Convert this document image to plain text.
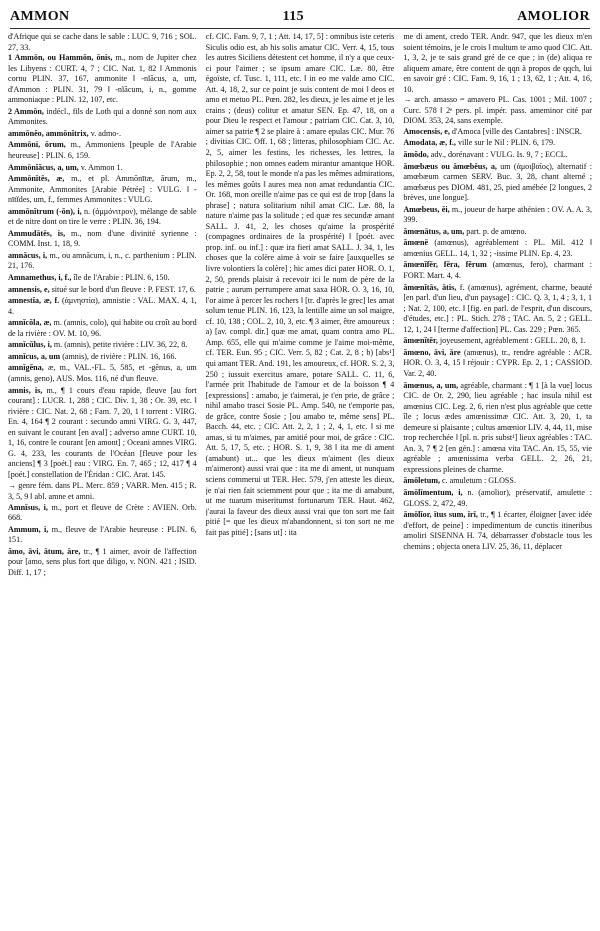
AMMON	115	AMOLIOR

d'Afrique qui se cache dans le sable : LUC. 9, 716 ; SOL. 27, 33.

1 Ammōn, ou Hammōn, ōnis, m., nom de Jupiter chez les Libyens : CURT. 4, 7 ; CIC. Nat. 1, 82 ‖ Ammonis cornu PLIN. 37, 167, ammonite ‖ -nĭăcus, a, um, d'Ammon : PLIN. 31, 79 ‖ -nĭăcum, i, n., gomme ammoniaque : PLIN. 12, 107, etc.

2 Ammōn, indécl., fils de Loth qui a donné son nom aux Ammonites.

ammōnĕo, ammōnĭtrix, v. admo-.

Ammōni, ōrum, m., Ammoniens [peuple de l'Arabie heureuse] : PLIN. 6, 159.

Ammōnĭăcus, a, um, v. Ammon 1.

Ammōnītēs, æ, m., et pl. Ammōnītæ, ārum, m., Ammonite, Ammonites [Arabie Pétrée] : VULG. ‖ -nītĭdes, um, f., femmes Ammonites : VULG.

ammōnĭtrum (-ŏn), i, n. (ἀμμόνιτρον), mélange de sable et de nitre dont on tire le verre : PLIN. 36, 194.

Ammudātēs, is, m., nom d'une divinité syrienne : COMM. Inst. 1, 18, 9.

amnăcus, i, m., ou amnăcum, i, n., c. parthenium : PLIN. 21, 176.

Amnamethus, i, f., île de l'Arabie : PLIN. 6, 150.

amnensis, e, situé sur le bord d'un fleuve : P. FEST. 17, 6.

amnestĭa, æ, f. (ἀμνηστία), amnistie : VAL. MAX. 4, 1, 4.

amnĭcŏla, æ, m. (amnis, colo), qui habite ou croît au bord de la rivière : OV. M. 10, 96.

amnĭcŭlus, i, m. (amnis), petite rivière : LIV. 36, 22, 8.

amnĭcus, a, um (amnis), de rivière : PLIN. 16, 166.

amnĭgĕna, æ, m., VAL.-FL. 5, 585, et -gĕnus, a, um (amnis, geno), AUS. Mos. 116, né d'un fleuve.

amnis, is, m., ¶ 1 cours d'eau rapide, fleuve [au fort courant] : LUCR. 1, 288 ; CIC. Div. 1, 38 ; Or. 39, etc. ‖ rivière : CIC. Nat. 2, 68 ; Fam. 7, 20, 1 ‖ torrent : VIRG. En. 4, 164 ¶ 2 courant : secundo amni VIRG. G. 3, 447, en suivant le courant [en aval] ; adverso amne CURT. 10, 1, 16, contre le courant [en amont] ; Oceani amnes VIRG. G. 4, 233, les courants de l'Océan [fleuve pour les anciens] ¶ 3 [poét.] eau : VIRG. En. 7, 465 ; 12, 417 ¶ 4 [poét.] constellation de l'Éridan : CIC. Arat. 145.

→ genre fém. dans PL. Merc. 859 ; VARR. Men. 415 ; R. 3, 5, 9 ‖ abl. amne et amni.

Amnīsus, i, m., port et fleuve de Crète : AVIEN. Orb. 668.

Ammum, i, m., fleuve de l'Arabie heureuse : PLIN. 6, 151.

ămo, āvi, ātum, āre, tr., ¶ 1 aimer, avoir de l'affection pour [amo, sens plus fort que diligo, v. NON. 421 ; ISID. Diff. 1, 17 ;

cf. CIC. Fam. 9, 7, 1 ; Att. 14, 17, 5] : omnibus iste ceteris Siculis odio est, ab his solis amatur CIC. Verr. 4, 15, tous les autres Siciliens détestent cet homme, il n'y a que ceux-ci pour l'aimer ; se ipsum amare CIC. Læ. 80, être égoïste, cf. Tusc. 1, 111, etc. ‖ in eo me valde amo CIC. Att. 4, 18, 2, sur ce point je suis content de moi ‖ deos et amo et metuo PL. Pœn. 282, les dieux, je les aime et je les crains ; (deus) colitur et amatur SEN. Ep. 47, 18, on a pour Dieu le respect et l'amour ; patriam CIC. Cat. 3, 10, aimer sa patrie ¶ 2 se plaire à : amare epulas CIC. Mur. 76 ; divitias CIC. Off. 1, 68 ; litteras, philosophiam CIC. Ac. 2, 5, aimer les festins, les richesses, les lettres, la philosophie ; non omnes eadem mirantur amantque HOR. Ep. 2, 2, 58, tout le monde n'a pas les mêmes admirations, les mêmes goûts ‖ aures mea non amat redundantia CIC. Or. 168, mon oreille n'aime pas ce qui est de trop [dans la phrase] ; natura solitarium nihil amat CIC. Læ. 88, la nature n'aime pas la solitude ; ed quæ res secundæ amant SALL. J. 41, 2, les choses qu'aime la prospérité (compagnes ordinaires de la prospérité) ‖ [poét. avec prop. inf. ou inf.] : quæ ira fieri amat SALL. J. 34, 1, les choses que la colère aime à voir se faire [auxquelles se livre volontiers la colère] ; hic ames dici pater HOR. O. 1, 2, 50, prends plaisir à recevoir ici le nom de père de la patrie ; aurum perrumpere amat saxa HOR. O. 3, 16, 10, l'or aime à percer les rochers ‖ [tr. d'après le grec] les amat solum tenue PLIN. 16, 123, la lentille aime un sol maigre, cf. 10, 138 ; COL. 2, 10, 3, etc. ¶ 3 aimer, être amoureux : a) [av. compl. dir.] quæ me amat, quam contra amo PL. Amp. 655, elle qui m'aime comme je l'aime moi-même, cf. TER. Eun. 95 ; CIC. Verr. 5, 82 ; Cat. 2, 8 ; b) [abs¹] qui amant TER. And. 191, les amoureux, cf. HOR. S. 2, 3, 250 ; iussuit exercitus amare, potare SALL. C. 11, 6, l'armée prit l'habitude de l'amour et de la boisson ¶ 4 [expressions] : amabo, je t'aimerai, je t'en prie, de grâce ; nihil amabo trasci Sosie PL. Amp. 540, ne t'emporte pas, de grâce, contre Sosie ; [ou amabo te, même sens] PL. Bacch. 44, etc. ; CIC. Att. 2, 2, 1 ; 2, 4, 1, etc. ‖ si me amas, si tu m'aimes, par amitié pour moi, de grâce : CIC. Att. 5, 17, 5, etc. ; HOR. S. 1, 9, 38 ‖ ita me di ament (amabunt) ut... que les dieux m'aiment (les dieux m'aimeront) aussi vrai que : ita me di ament, ut nunquam sciens commerui ut TER. Hec. 579, j'en atteste les dieux, je n'ai rien fait sciemment pour que ; ita me di amabunt, ut me tuarum miseritumst fortunarum TER. Haut. 462, j'aurai la faveur des dieux aussi vrai que ton sort me fait pitié [= que les dieux m'abandonnent, si ton sort ne me fait pas pitié] ; [sans ut] : ita

me di ament, credo TER. Andr. 947, que les dieux m'en soient témoins, je le crois ‖ multum te amo quod CIC. Att. 1, 3, 2, je te sais grand gré de ce que ; in (de) aliqua re aliquem amare, être content de qqn à propos de qqch, lui en savoir gré : CIC. Fam. 9, 16, 1 ; 13, 62, 1 ; Att. 4, 16, 10.

→ arch. amasso = amavero PL. Cas. 1001 ; Mil. 1007 ; Curc. 578 ‖ 2ᵉ pers. pl. impér. pass. ameminor cité par DIOM. 353, 24, sans exemple.

Amocensis, e, d'Amoca [ville des Cantabres] : INSCR.

Amodata, æ, f., ville sur le Nil : PLIN. 6, 179.

ămŏdo, adv., dorénavant : VULG. Is. 9, 7 ; ECCL.

ămœbæus ou ămœbēus, a, um (ἀμοιβαῖος), alternatif : amœbæum carmen SERV. Buc. 3, 28, chant alterné ; amœbæus pes DIOM. 481, 25, pied amébée [2 longues, 2 brèves, une longue].

Amœbeus, ĕi, m., joueur de harpe athénien : OV. A. A. 3, 399.

ămœnātus, a, um, part. p. de amœno.

ămœnē (amœnus), agréablement : PL. Mil. 412 ‖ amœnius GELL. 14, 1, 32 ; -issime PLIN. Ep. 4, 23.

ămœnĭfĕr, fĕra, fĕrum (amœnus, fero), charmant : FORT. Mart. 4, 4.

ămœnĭtās, ātis, f. (amœnus), agrément, charme, beauté [en parl. d'un lieu, d'un paysage] : CIC. Q. 3, 1, 4 ; 3, 1, 1 ; Nat. 2, 100, etc. ‖ [fig. en parl. de l'esprit, d'un discours, d'études, etc.] : PL. Stich. 278 ; TAC. An. 5, 2 ; GELL. 12, 1, 24 ‖ [terme d'affection] PL. Cas. 229 ; Pœn. 365.

ămœnĭtĕr, joyeusement, agréablement : GELL. 20, 8, 1.

ămœno, āvi, āre (amœnus), tr., rendre agréable : ACR. HOR. O. 3, 4, 15 ‖ réjouir : CYPR. Ep. 2, 1 ; CASSIOD. Var. 2, 40.

ămœnus, a, um, agréable, charmant : ¶ 1 [à la vue] locus CIC. de Or. 2, 290, lieu agréable ; hac insula nihil est amœnius CIC. Leg. 2, 6, rien n'est plus agréable que cette île ; locus ædes amœnissimæ CIC. Att. 3, 20, 1, ta demeure si plaisante ; cultus amœnior LIV. 4, 44, 11, mise trop recherchée ‖ [pl. n. pris subst¹] lieux agréables : TAC. An. 3, 7 ¶ 2 [en gén.] : amœna vita TAC. An. 15, 55, vie agréable ; amœnissima verba GELL. 2, 26, 21, expressions pleines de charme.

ămōletum, c. amuletum : GLOSS.

ămōlīmentum, i, n. (amolior), préservatif, amulette : GLOSS. 2, 472, 49.

ămōlĭor, ītus sum, īrī, tr., ¶ 1 écarter, éloigner [avec idée d'effort, de peine] : impedimentum de cunctis itineribus amoliri SISENNA H. 74, débarrasser d'obstacle tous les chemins ; objecta onera LIV. 25, 36, 11, déplacer
